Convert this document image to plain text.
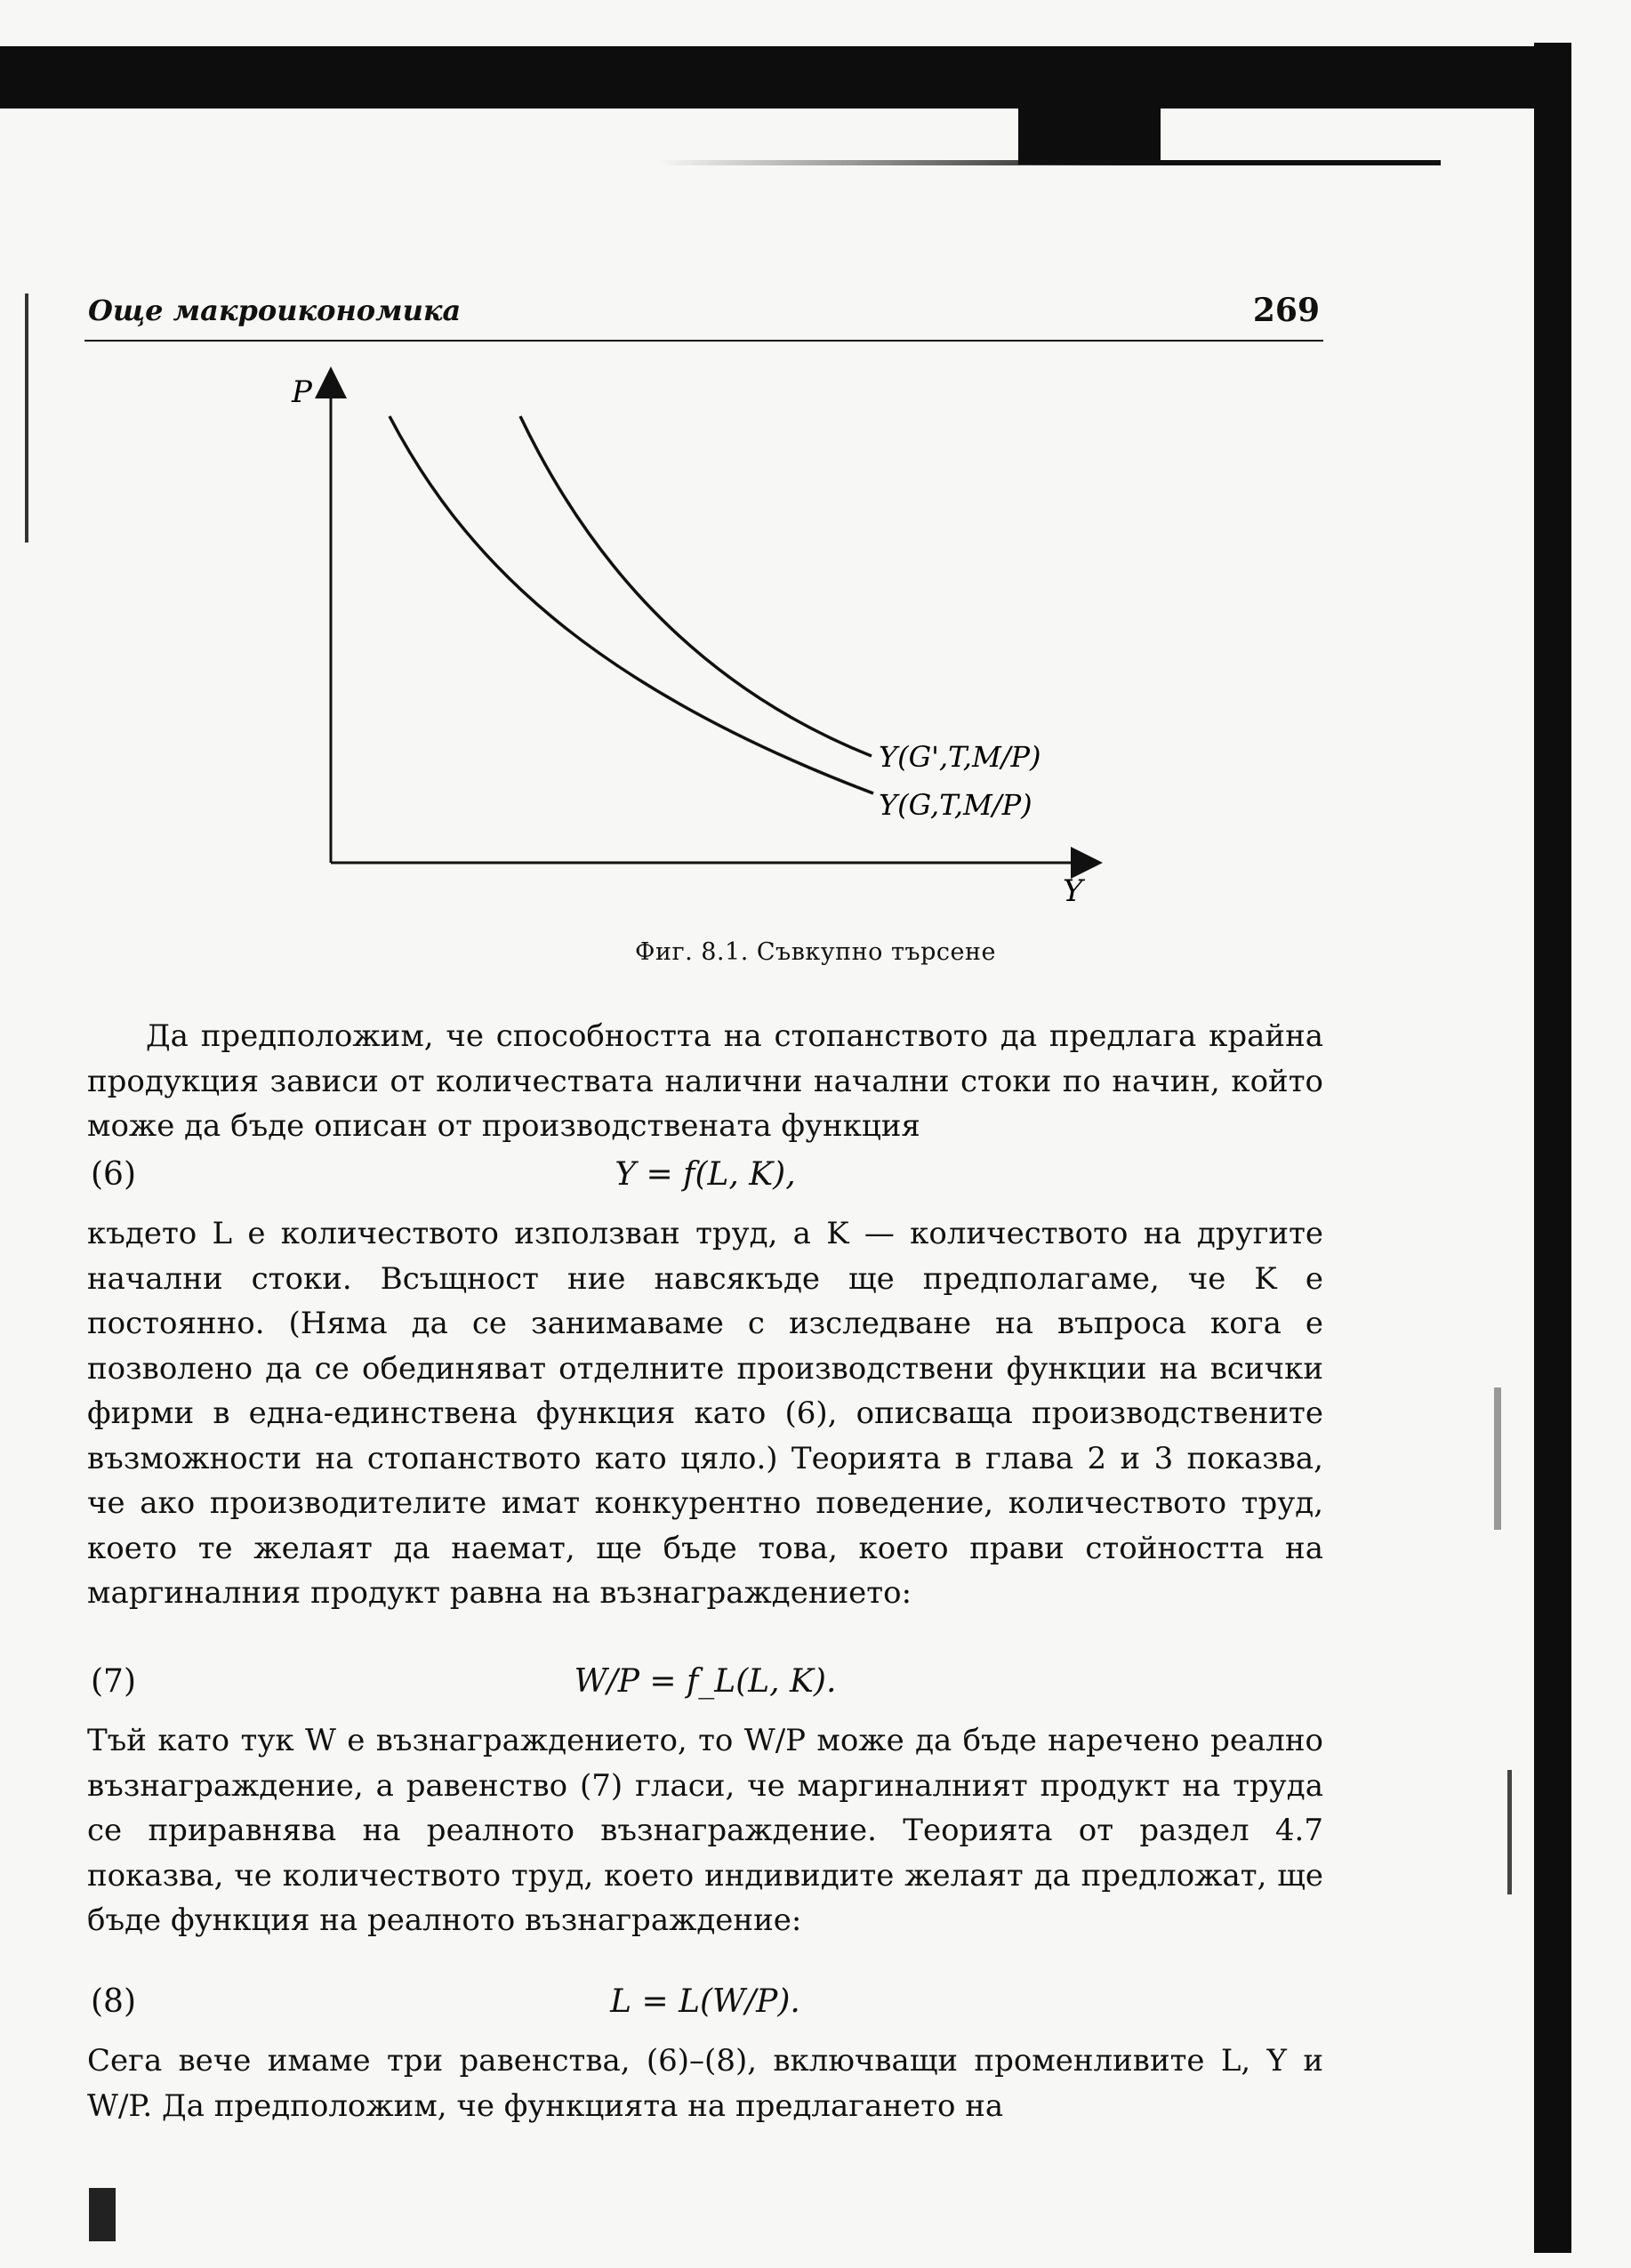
Още макроикономика	269
P
Y
Y(G',T,M/P)
Y(G,T,M/P)
Фиг. 8.1. Съвкупно търсене

Да предположим, че способността на стопанството да предлага крайна продукция зависи от количествата налични начални стоки по начин, който може да бъде описан от производствената функция

(6)	Y = f(L, K),

където L е количеството използван труд, а K — количеството на другите начални стоки. Всъщност ние навсякъде ще предполагаме, че K е постоянно. (Няма да се занимаваме с изследване на въпроса кога е позволено да се обединяват отделните производствени функции на всички фирми в една-единствена функция като (6), описваща производствените възможности на стопанството като цяло.) Теорията в глава 2 и 3 показва, че ако производителите имат конкурентно поведение, количеството труд, което те желаят да наемат, ще бъде това, което прави стойността на маргиналния продукт равна на възнаграждението:

(7)	W/P = f_L(L, K).

Тъй като тук W е възнаграждението, то W/P може да бъде наречено реално възнаграждение, а равенство (7) гласи, че маргиналният продукт на труда се приравнява на реалното възнаграждение. Теорията от раздел 4.7 показва, че количеството труд, което индивидите желаят да предложат, ще бъде функция на реалното възнаграждение:

(8)	L = L(W/P).

Сега вече имаме три равенства, (6)–(8), включващи променливите L, Y и W/P. Да предположим, че функцията на предлагането на
